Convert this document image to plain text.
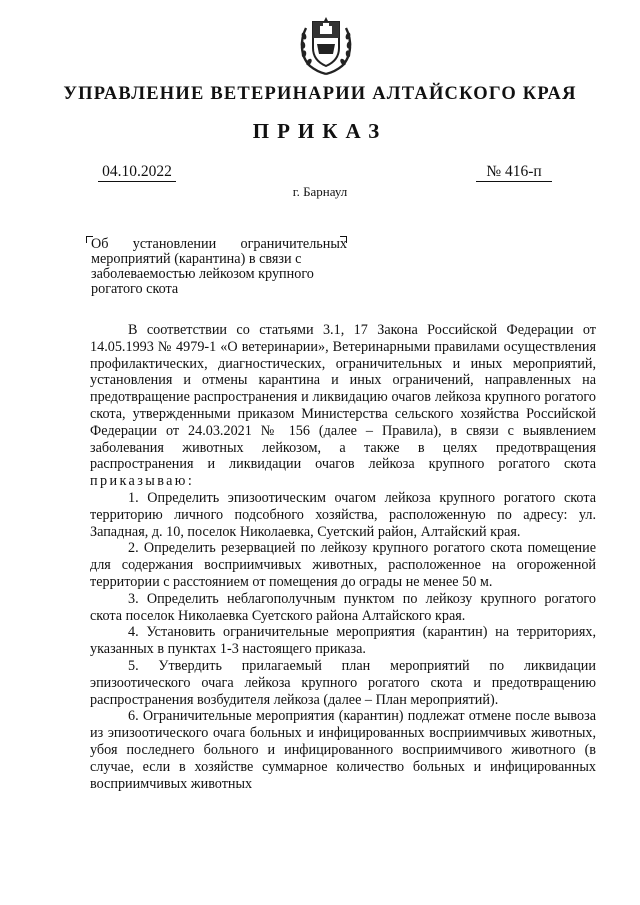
УПРАВЛЕНИЕ ВЕТЕРИНАРИИ АЛТАЙСКОГО КРАЯ
ПРИКАЗ
04.10.2022	№ 416-п
г. Барнаул
Об установлении ограничительных
мероприятий (карантина) в связи с заболеваемостью лейкозом крупного рогатого скота

В соответствии со статьями 3.1, 17 Закона Российской Федерации от 14.05.1993 № 4979-1 «О ветеринарии», Ветеринарными правилами осуществления профилактических, диагностических, ограничительных и иных мероприятий, установления и отмены карантина и иных ограничений, направленных на предотвращение распространения и ликвидацию очагов лейкоза крупного рогатого скота, утвержденными приказом Министерства сельского хозяйства Российской Федерации от 24.03.2021 № 156 (далее – Правила), в связи с выявлением заболевания животных лейкозом, а также в целях предотвращения распространения и ликвидации очагов лейкоза крупного рогатого скота приказываю:

1. Определить эпизоотическим очагом лейкоза крупного рогатого скота территорию личного подсобного хозяйства, расположенную по адресу: ул. Западная, д. 10, поселок Николаевка, Суетский район, Алтайский края.

2. Определить резервацией по лейкозу крупного рогатого скота помещение для содержания восприимчивых животных, расположенное на огороженной территории с расстоянием от помещения до ограды не менее 50 м.

3. Определить неблагополучным пунктом по лейкозу крупного рогатого скота поселок Николаевка Суетского района Алтайского края.

4. Установить ограничительные мероприятия (карантин) на территориях, указанных в пунктах 1-3 настоящего приказа.

5. Утвердить прилагаемый план мероприятий по ликвидации эпизоотического очага лейкоза крупного рогатого скота и предотвращению распространения возбудителя лейкоза (далее – План мероприятий).

6. Ограничительные мероприятия (карантин) подлежат отмене после вывоза из эпизоотического очага больных и инфицированных восприимчивых животных, убоя последнего больного и инфицированного восприимчивого животного (в случае, если в хозяйстве суммарное количество больных и инфицированных восприимчивых животных
